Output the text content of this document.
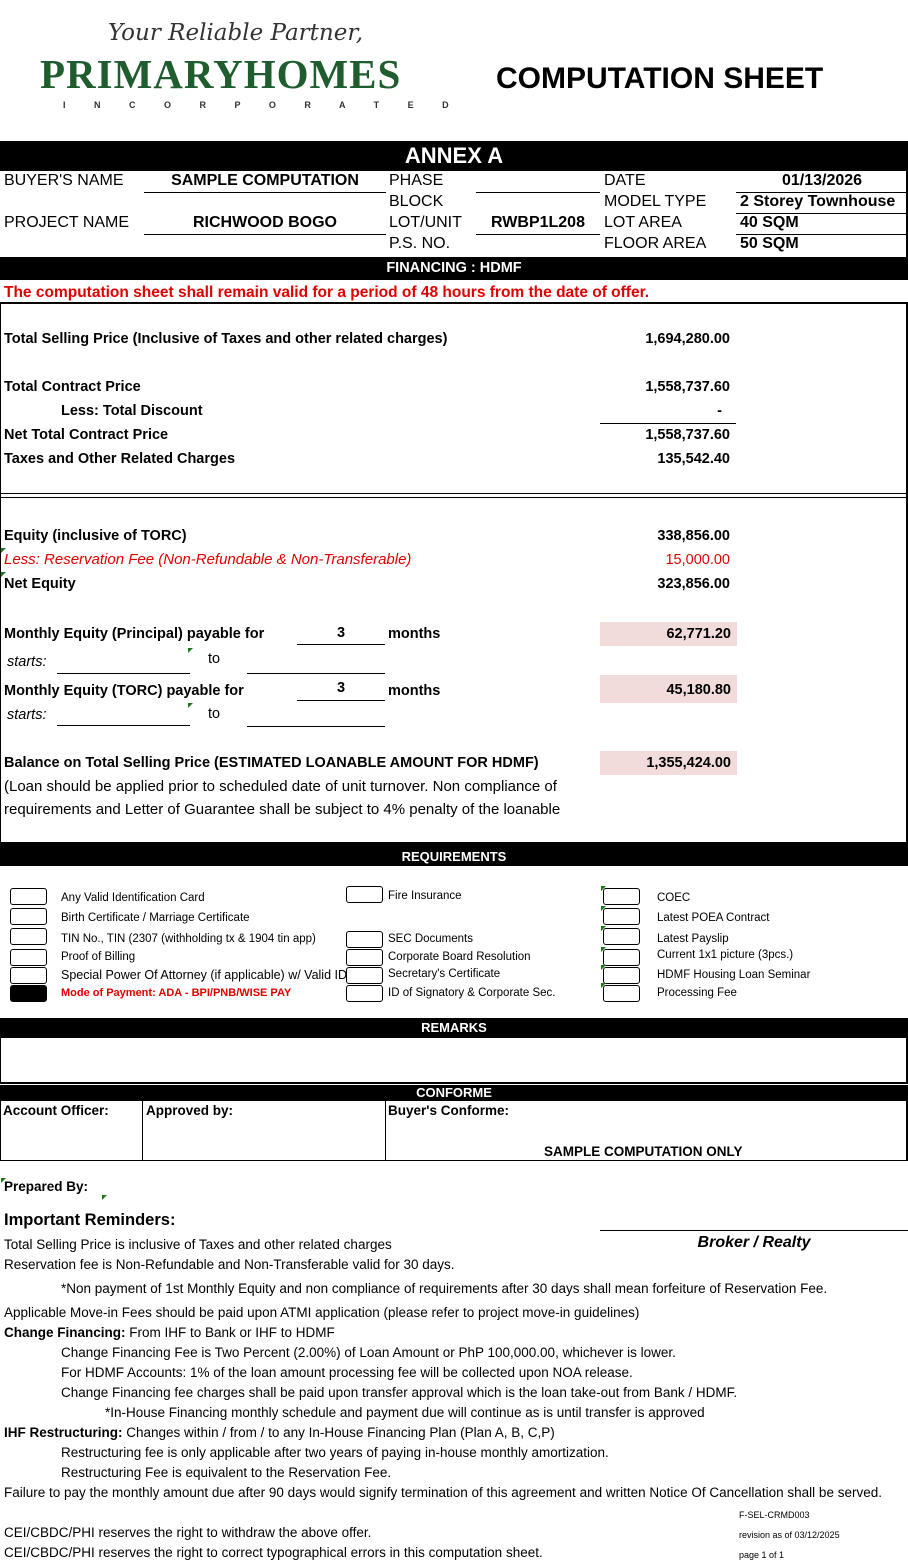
Your Reliable Partner,
PRIMARYHOMES
I N C O R P O R A T E D
COMPUTATION SHEET
ANNEX A
BUYER'S NAME	SAMPLE COMPUTATION
PROJECT NAME	RICHWOOD BOGO
PHASE
BLOCK
LOT/UNIT	RWBP1L208
P.S. NO.
DATE	01/13/2026
MODEL TYPE 2 Storey Townhouse
LOT AREA	40 SQM
FLOOR AREA 50 SQM
FINANCING : HDMF
The computation sheet shall remain valid for a period of 48 hours from the date of offer.
Total Selling Price (Inclusive of Taxes and other related charges)	1,694,280.00
Total Contract Price	1,558,737.60
Less: Total Discount	-
Net Total Contract Price	1,558,737.60
Taxes and Other Related Charges	135,542.40
Equity (inclusive of TORC)	338,856.00
Less: Reservation Fee (Non-Refundable & Non-Transferable)	15,000.00
Net Equity	323,856.00
Monthly Equity (Principal) payable for	3	months	62,771.20
starts:	to
Monthly Equity (TORC) payable for	3	months	45,180.80
starts:	to
Balance on Total Selling Price (ESTIMATED LOANABLE AMOUNT FOR HDMF)	1,355,424.00
(Loan should be applied prior to scheduled date of unit turnover. Non compliance of
requirements and Letter of Guarantee shall be subject to 4% penalty of the loanable
REQUIREMENTS
Any Valid Identification Card
Birth Certificate / Marriage Certificate
TIN No., TIN (2307 (withholding tx & 1904 tin app)
Proof of Billing
Special Power Of Attorney (if applicable) w/ Valid ID
Mode of Payment: ADA - BPI/PNB/WISE PAY
Fire Insurance
SEC Documents
Corporate Board Resolution
Secretary's Certificate
ID of Signatory & Corporate Sec.
COEC
Latest POEA Contract
Latest Payslip
Current 1x1 picture (3pcs.)
HDMF Housing Loan Seminar
Processing Fee
REMARKS
CONFORME
Account Officer:	Approved by:	Buyer's Conforme:
SAMPLE COMPUTATION ONLY
Prepared By:
Important Reminders:
Broker / Realty
Total Selling Price is inclusive of Taxes and other related charges
Reservation fee is Non-Refundable and Non-Transferable valid for 30 days.
*Non payment of 1st Monthly Equity and non compliance of requirements after 30 days shall mean forfeiture of Reservation Fee.
Applicable Move-in Fees should be paid upon ATMI application (please refer to project move-in guidelines)
Change Financing: From IHF to Bank or IHF to HDMF
Change Financing Fee is Two Percent (2.00%) of Loan Amount or PhP 100,000.00, whichever is lower.
For HDMF Accounts: 1% of the loan amount processing fee will be collected upon NOA release.
Change Financing fee charges shall be paid upon transfer approval which is the loan take-out from Bank / HDMF.
*In-House Financing monthly schedule and payment due will continue as is until transfer is approved
IHF Restructuring: Changes within / from / to any In-House Financing Plan (Plan A, B, C,P)
Restructuring fee is only applicable after two years of paying in-house monthly amortization.
Restructuring Fee is equivalent to the Reservation Fee.
Failure to pay the monthly amount due after 90 days would signify termination of this agreement and written Notice Of Cancellation shall be served.
CEI/CBDC/PHI reserves the right to withdraw the above offer.
CEI/CBDC/PHI reserves the right to correct typographical errors in this computation sheet.
F-SEL-CRMD003
revision as of 03/12/2025
page 1 of 1
